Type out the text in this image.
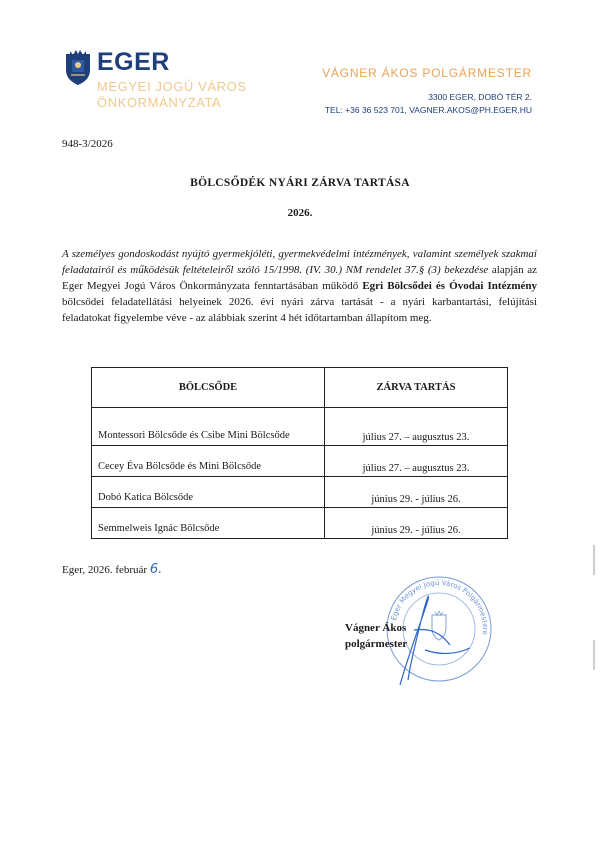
EGER
MEGYEI JOGÚ VÁROS
ÖNKORMÁNYZATA
VÁGNER ÁKOS POLGÁRMESTER
3300 EGER, DOBÓ TÉR 2.
TEL: +36 36 523 701, VAGNER.AKOS@PH.EGER.HU
948-3/2026
BÖLCSŐDÉK NYÁRI ZÁRVA TARTÁSA
2026.
A személyes gondoskodást nyújtó gyermekjóléti, gyermekvédelmi intézmények, valamint személyek szakmai feladatairól és működésük feltételeiről szóló 15/1998. (IV. 30.) NM rendelet 37.§ (3) bekezdése alapján az Eger Megyei Jogú Város Önkormányzata fenntartásában működő Egri Bölcsődei és Óvodai Intézmény bölcsődei feladatellátási helyeinek 2026. évi nyári zárva tartását - a nyári karbantartási, felújítási feladatokat figyelembe véve - az alábbiak szerint 4 hét időtartamban állapítom meg.
BÖLCSŐDE	ZÁRVA TARTÁS
Montessori Bölcsőde és Csibe Mini Bölcsőde	július 27. – augusztus 23.
Cecey Éva Bölcsőde és Mini Bölcsőde	július 27. – augusztus 23.
Dobó Katica Bölcsőde	június 29. - július 26.
Semmelweis Ignác Bölcsőde	június 29. - július 26.
Eger, 2026. február 6.
Eger Megyei Jogú Város Polgármestere
Vágner Ákos
polgármester
